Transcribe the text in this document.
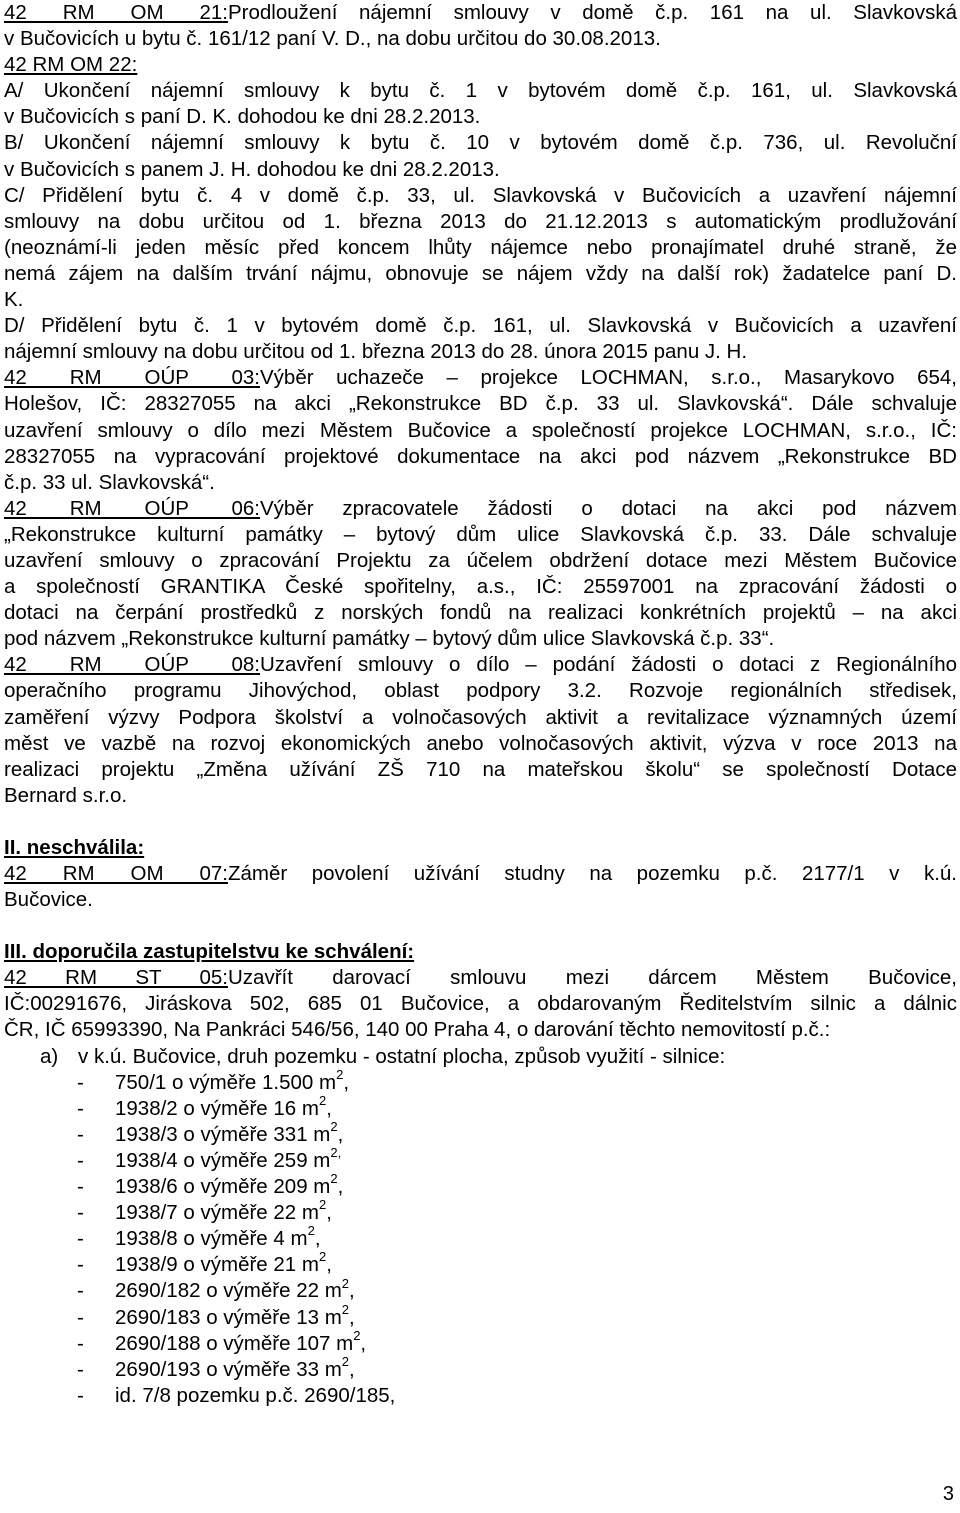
42 RM OM 21:Prodloužení nájemní smlouvy v domě č.p. 161 na ul. Slavkovská
v Bučovicích u bytu č. 161/12 paní V. D., na dobu určitou do 30.08.2013.
42 RM OM 22:
A/ Ukončení nájemní smlouvy k bytu č. 1 v bytovém domě č.p. 161, ul. Slavkovská
v Bučovicích s paní D. K. dohodou ke dni 28.2.2013.
B/ Ukončení nájemní smlouvy k bytu č. 10 v bytovém domě č.p. 736, ul. Revoluční
v Bučovicích s panem J. H. dohodou ke dni 28.2.2013.
C/ Přidělení bytu č. 4 v domě č.p. 33, ul. Slavkovská v Bučovicích a uzavření nájemní
smlouvy na dobu určitou od 1. března 2013 do 21.12.2013 s automatickým prodlužování
(neoznámí-li jeden měsíc před koncem lhůty nájemce nebo pronajímatel druhé straně, že
nemá zájem na dalším trvání nájmu, obnovuje se nájem vždy na další rok) žadatelce paní D.
K.
D/ Přidělení bytu č. 1 v bytovém domě č.p. 161, ul. Slavkovská v Bučovicích a uzavření
nájemní smlouvy na dobu určitou od 1. března 2013 do 28. února 2015 panu J. H.
42 RM OÚP 03:Výběr uchazeče – projekce LOCHMAN, s.r.o., Masarykovo 654,
Holešov, IČ: 28327055 na akci „Rekonstrukce BD č.p. 33 ul. Slavkovská“. Dále schvaluje
uzavření smlouvy o dílo mezi Městem Bučovice a společností projekce LOCHMAN, s.r.o., IČ:
28327055 na vypracování projektové dokumentace na akci pod názvem „Rekonstrukce BD
č.p. 33 ul. Slavkovská“.
42 RM OÚP 06:Výběr zpracovatele žádosti o dotaci na akci pod názvem
„Rekonstrukce kulturní památky – bytový dům ulice Slavkovská č.p. 33. Dále schvaluje
uzavření smlouvy o zpracování Projektu za účelem obdržení dotace mezi Městem Bučovice
a společností GRANTIKA České spořitelny, a.s., IČ: 25597001 na zpracování žádosti o
dotaci na čerpání prostředků z norských fondů na realizaci konkrétních projektů – na akci
pod názvem „Rekonstrukce kulturní památky – bytový dům ulice Slavkovská č.p. 33“.
42 RM OÚP 08:Uzavření smlouvy o dílo – podání žádosti o dotaci z Regionálního
operačního programu Jihovýchod, oblast podpory 3.2. Rozvoje regionálních středisek,
zaměření výzvy Podpora školství a volnočasových aktivit a revitalizace významných území
měst ve vazbě na rozvoj ekonomických anebo volnočasových aktivit, výzva v roce 2013 na
realizaci projektu „Změna užívání ZŠ 710 na mateřskou školu“ se společností Dotace
Bernard s.r.o.
II. neschválila:
42 RM OM 07:Záměr povolení užívání studny na pozemku p.č. 2177/1 v k.ú.
Bučovice.
III. doporučila zastupitelstvu ke schválení:
42 RM ST 05:Uzavřít darovací smlouvu mezi dárcem Městem Bučovice,
IČ:00291676, Jiráskova 502, 685 01 Bučovice, a obdarovaným Ředitelstvím silnic a dálnic
ČR, IČ 65993390, Na Pankráci 546/56, 140 00 Praha 4, o darování těchto nemovitostí p.č.:
a) v k.ú. Bučovice, druh pozemku - ostatní plocha, způsob využití - silnice:
- 750/1 o výměře 1.500 $m^2$,
- 1938/2 o výměře 16 $m^2$,
- 1938/3 o výměře 331 $m^2$,
- 1938/4 o výměře 259 $m^{2,}$
- 1938/6 o výměře 209 $m^2$,
- 1938/7 o výměře 22 $m^2$,
- 1938/8 o výměře 4 $m^2$,
- 1938/9 o výměře 21 $m^2$,
- 2690/182 o výměře 22 $m^2$,
- 2690/183 o výměře 13 $m^2$,
- 2690/188 o výměře 107 $m^2$,
- 2690/193 o výměře 33 $m^2$,
- id. 7/8 pozemku p.č. 2690/185,
3
